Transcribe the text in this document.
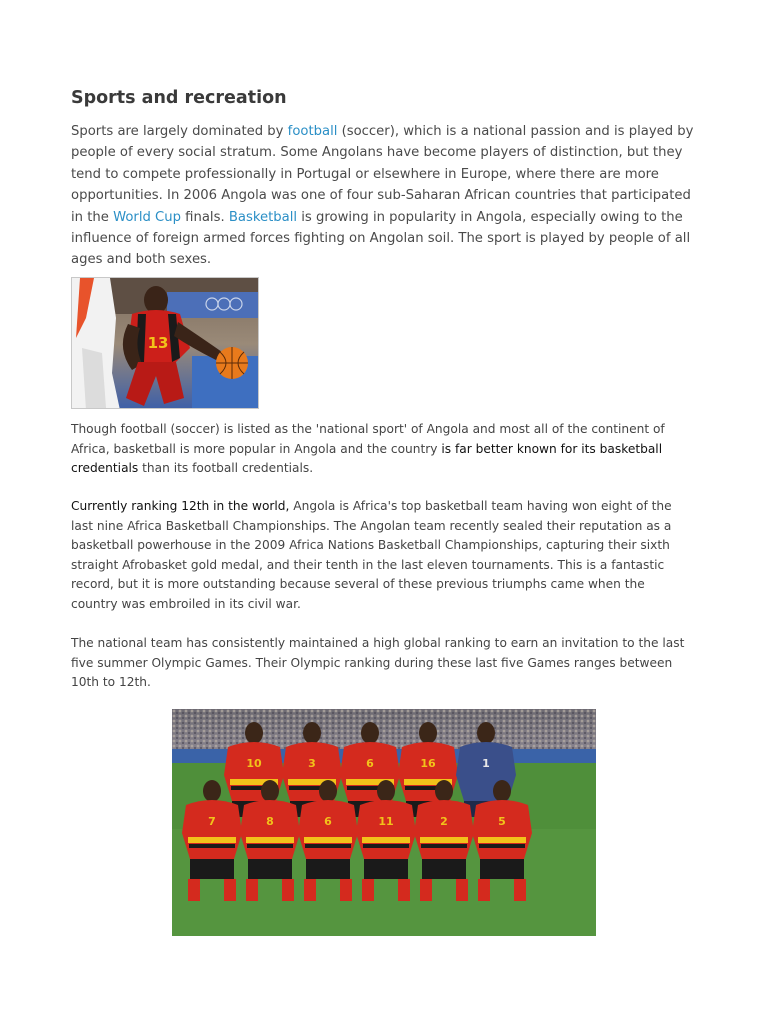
Sports and recreation

Sports are largely dominated by football (soccer), which is a national passion and is played by people of every social stratum. Some Angolans have become players of distinction, but they tend to compete professionally in Portugal or elsewhere in Europe, where there are more opportunities. In 2006 Angola was one of four sub-Saharan African countries that participated in the World Cup finals. Basketball is growing in popularity in Angola, especially owing to the influence of foreign armed forces fighting on Angolan soil. The sport is played by people of all ages and both sexes.

13

Though football (soccer) is listed as the 'national sport' of Angola and most all of the continent of Africa, basketball is more popular in Angola and the country is far better known for its basketball credentials than its football credentials.

Currently ranking 12th in the world, Angola is Africa's top basketball team having won eight of the last nine Africa Basketball Championships. The Angolan team recently sealed their reputation as a basketball powerhouse in the 2009 Africa Nations Basketball Championships, capturing their sixth straight Afrobasket gold medal, and their tenth in the last eleven tournaments. This is a fantastic record, but it is more outstanding because several of these previous triumphs came when the country was embroiled in its civil war.

The national team has consistently maintained a high global ranking to earn an invitation to the last five summer Olympic Games. Their Olympic ranking during these last five Games ranges between 10th to 12th.

10	3	6	16	1
7	8	6	11	2	5
